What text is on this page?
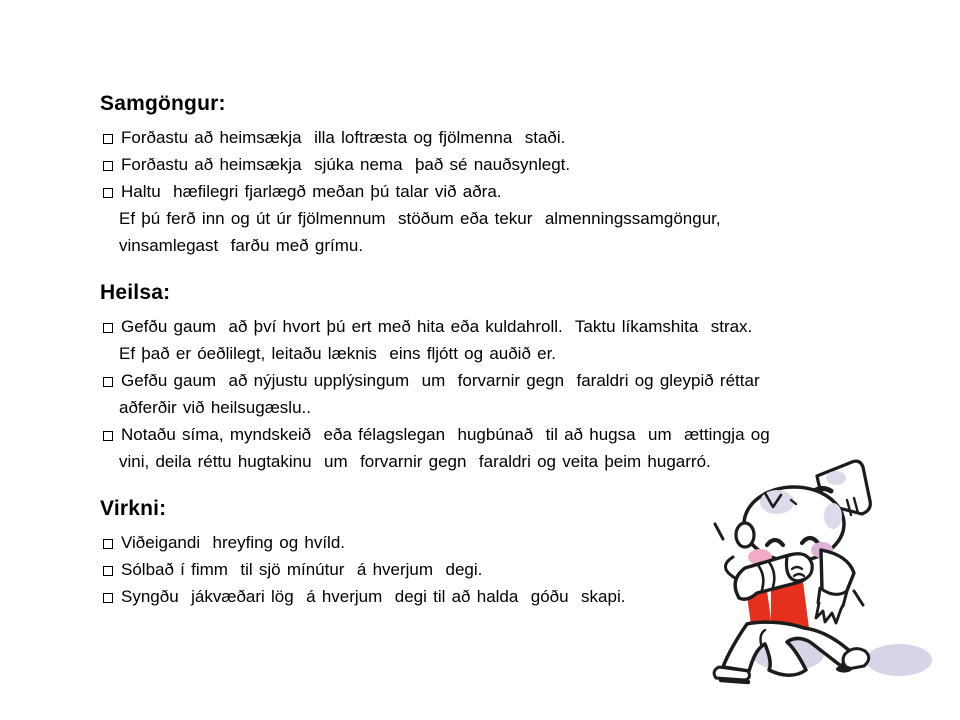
Samgöngur:
Forðastu að heimsækja  illa loftræsta og fjölmenna  staði.
Forðastu að heimsækja  sjúka nema  það sé nauðsynlegt.
Haltu  hæfilegri fjarlægð meðan þú talar við aðra.
Ef þú ferð inn og út úr fjölmennum  stöðum eða tekur  almenningssamgöngur,
vinsamlegast  farðu með grímu.
Heilsa:
Gefðu gaum  að því hvort þú ert með hita eða kuldahroll.  Taktu líkamshita  strax.
Ef það er óeðlilegt, leitaðu læknis  eins fljótt og auðið er.
Gefðu gaum  að nýjustu upplýsingum  um  forvarnir gegn  faraldri og gleypið réttar
aðferðir við heilsugæslu..
Notaðu síma, myndskeið  eða félagslegan  hugbúnað  til að hugsa  um  ættingja og
vini, deila réttu hugtakinu  um  forvarnir gegn  faraldri og veita þeim hugarró.
Virkni:
Viðeigandi  hreyfing og hvíld.
Sólbað í fimm  til sjö mínútur  á hverjum  degi.
Syngðu  jákvæðari lög  á hverjum  degi til að halda  góðu  skapi.
